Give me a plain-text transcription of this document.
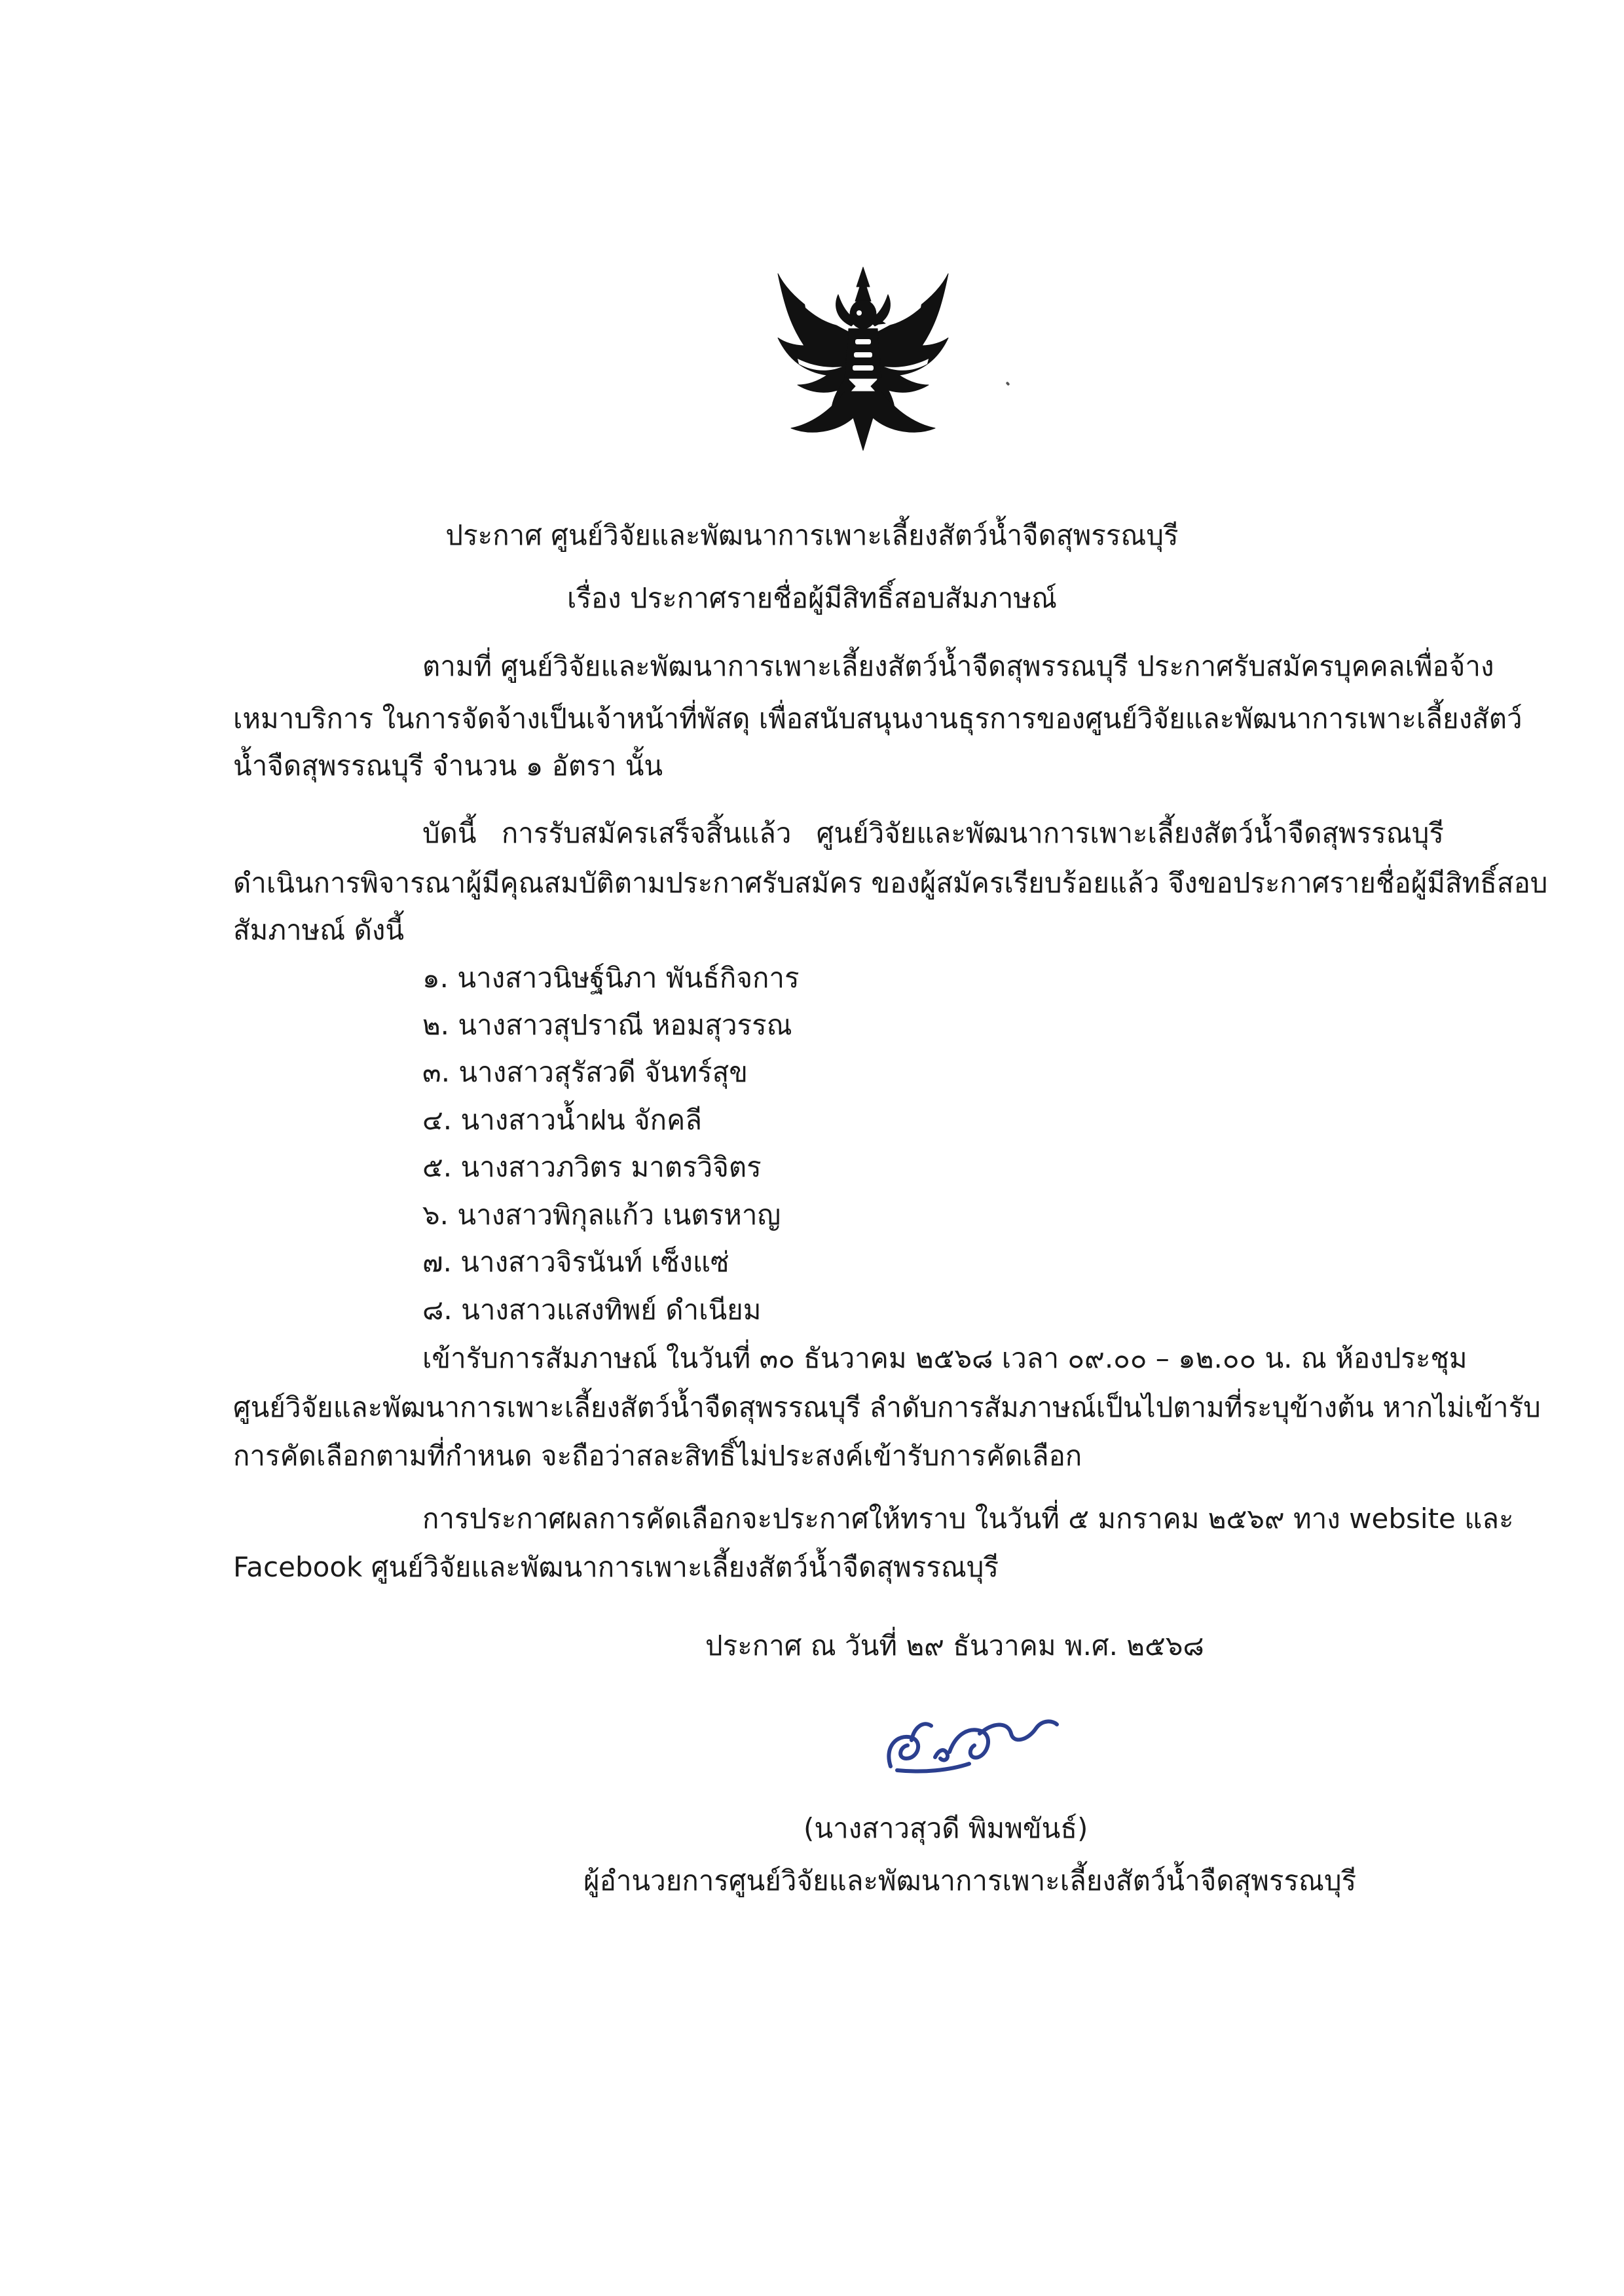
ประกาศ ศูนย์วิจัยและพัฒนาการเพาะเลี้ยงสัตว์น้ำจืดสุพรรณบุรี
เรื่อง ประกาศรายชื่อผู้มีสิทธิ์สอบสัมภาษณ์
ตามที่ ศูนย์วิจัยและพัฒนาการเพาะเลี้ยงสัตว์น้ำจืดสุพรรณบุรี ประกาศรับสมัครบุคคลเพื่อจ้าง
เหมาบริการ ในการจัดจ้างเป็นเจ้าหน้าที่พัสดุ เพื่อสนับสนุนงานธุรการของศูนย์วิจัยและพัฒนาการเพาะเลี้ยงสัตว์
น้ำจืดสุพรรณบุรี จำนวน ๑ อัตรา นั้น
บัดนี้ การรับสมัครเสร็จสิ้นแล้ว ศูนย์วิจัยและพัฒนาการเพาะเลี้ยงสัตว์น้ำจืดสุพรรณบุรี
ดำเนินการพิจารณาผู้มีคุณสมบัติตามประกาศรับสมัคร ของผู้สมัครเรียบร้อยแล้ว จึงขอประกาศรายชื่อผู้มีสิทธิ์สอบ
สัมภาษณ์ ดังนี้
๑. นางสาวนิษฐ์นิภา พันธ์กิจการ
๒. นางสาวสุปราณี หอมสุวรรณ
๓. นางสาวสุรัสวดี จันทร์สุข
๔. นางสาวน้ำฝน จักคลี
๕. นางสาวภวิตร มาตรวิจิตร
๖. นางสาวพิกุลแก้ว เนตรหาญ
๗. นางสาวจิรนันท์ เซ็งแซ่
๘. นางสาวแสงทิพย์ ดำเนียม
เข้ารับการสัมภาษณ์ ในวันที่ ๓๐ ธันวาคม ๒๕๖๘ เวลา ๐๙.๐๐ – ๑๒.๐๐ น. ณ ห้องประชุม
ศูนย์วิจัยและพัฒนาการเพาะเลี้ยงสัตว์น้ำจืดสุพรรณบุรี ลำดับการสัมภาษณ์เป็นไปตามที่ระบุข้างต้น หากไม่เข้ารับ
การคัดเลือกตามที่กำหนด จะถือว่าสละสิทธิ์ไม่ประสงค์เข้ารับการคัดเลือก
การประกาศผลการคัดเลือกจะประกาศให้ทราบ ในวันที่ ๕ มกราคม ๒๕๖๙ ทาง website และ
Facebook ศูนย์วิจัยและพัฒนาการเพาะเลี้ยงสัตว์น้ำจืดสุพรรณบุรี
ประกาศ ณ วันที่ ๒๙ ธันวาคม พ.ศ. ๒๕๖๘
(นางสาวสุวดี พิมพขันธ์)
ผู้อำนวยการศูนย์วิจัยและพัฒนาการเพาะเลี้ยงสัตว์น้ำจืดสุพรรณบุรี
